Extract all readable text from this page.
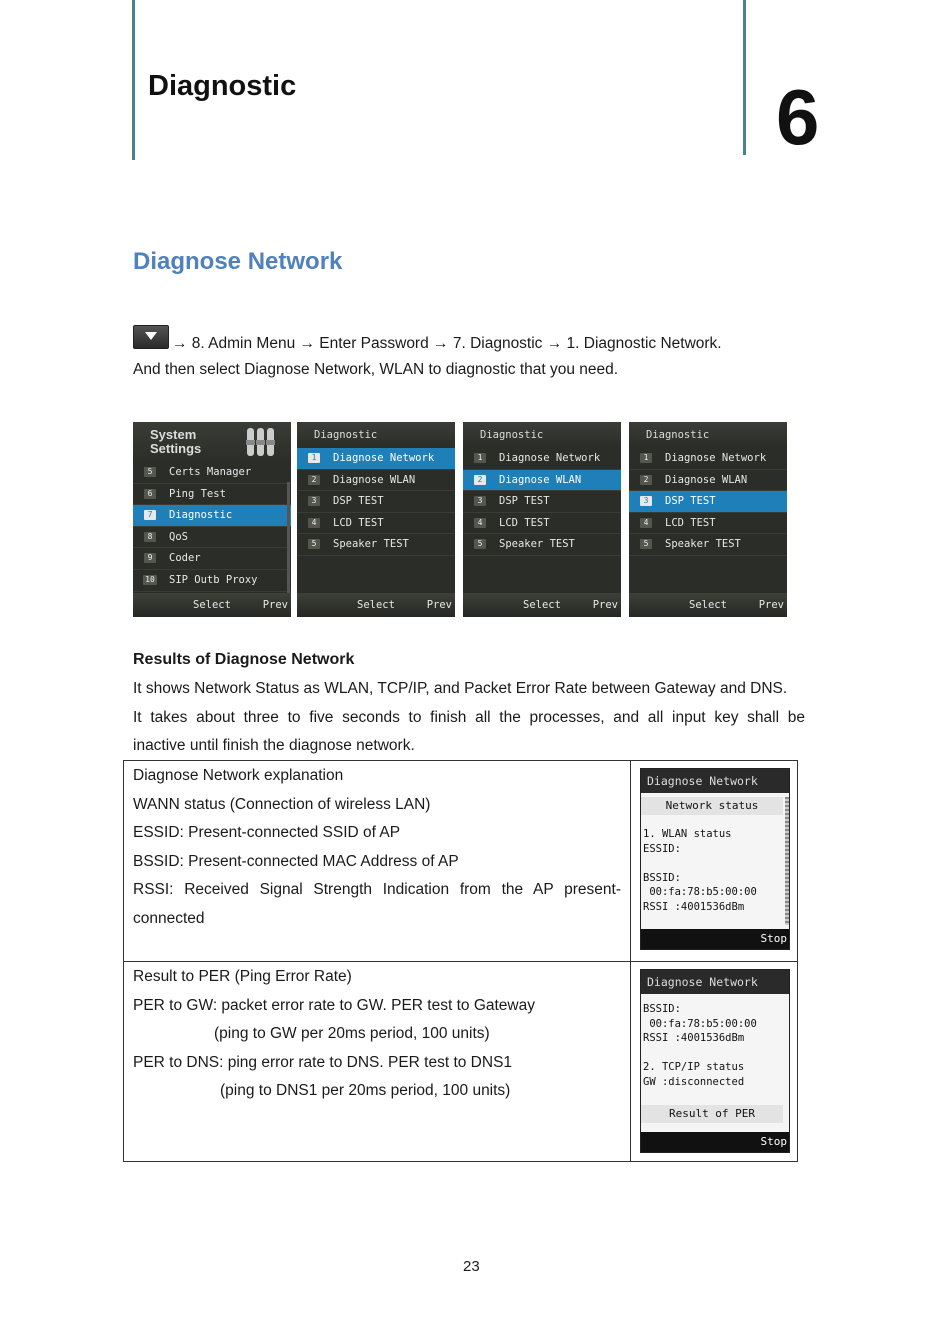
Diagnostic	6
Diagnose Network
→ 8. Admin Menu → Enter Password → 7. Diagnostic → 1. Diagnostic Network.
And then select Diagnose Network, WLAN to diagnostic that you need.
System
Settings
5	Certs Manager
6	Ping Test
7	Diagnostic
8	QoS
9	Coder
10 SIP Outb Proxy
Select	Prev
Diagnostic
1	Diagnose Network
2	Diagnose WLAN
3	DSP TEST
4	LCD TEST
5	Speaker TEST
Select	Prev
Diagnostic
1	Diagnose Network
2	Diagnose WLAN
3	DSP TEST
4	LCD TEST
5	Speaker TEST
Select	Prev
Diagnostic
1	Diagnose Network
2	Diagnose WLAN
3	DSP TEST
4	LCD TEST
5	Speaker TEST
Select	Prev
Results of Diagnose Network
It shows Network Status as WLAN, TCP/IP, and Packet Error Rate between Gateway and DNS.
It takes about three to five seconds to finish all the processes, and all input key shall be
inactive until finish the diagnose network.
Diagnose Network explanation
WANN status (Connection of wireless LAN)
ESSID: Present-connected SSID of AP
BSSID: Present-connected MAC Address of AP
RSSI: Received Signal Strength Indication from the AP present-
connected
Diagnose Network
Network status
1. WLAN status
ESSID:
BSSID:
00:fa:78:b5:00:00
RSSI :4001536dBm
Stop
Result to PER (Ping Error Rate)
PER to GW: packet error rate to GW. PER test to Gateway
(ping to GW per 20ms period, 100 units)
PER to DNS: ping error rate to DNS. PER test to DNS1
(ping to DNS1 per 20ms period, 100 units)
Diagnose Network
BSSID:
00:fa:78:b5:00:00
RSSI :4001536dBm
2. TCP/IP status
GW :disconnected
Result of PER
Stop
23
